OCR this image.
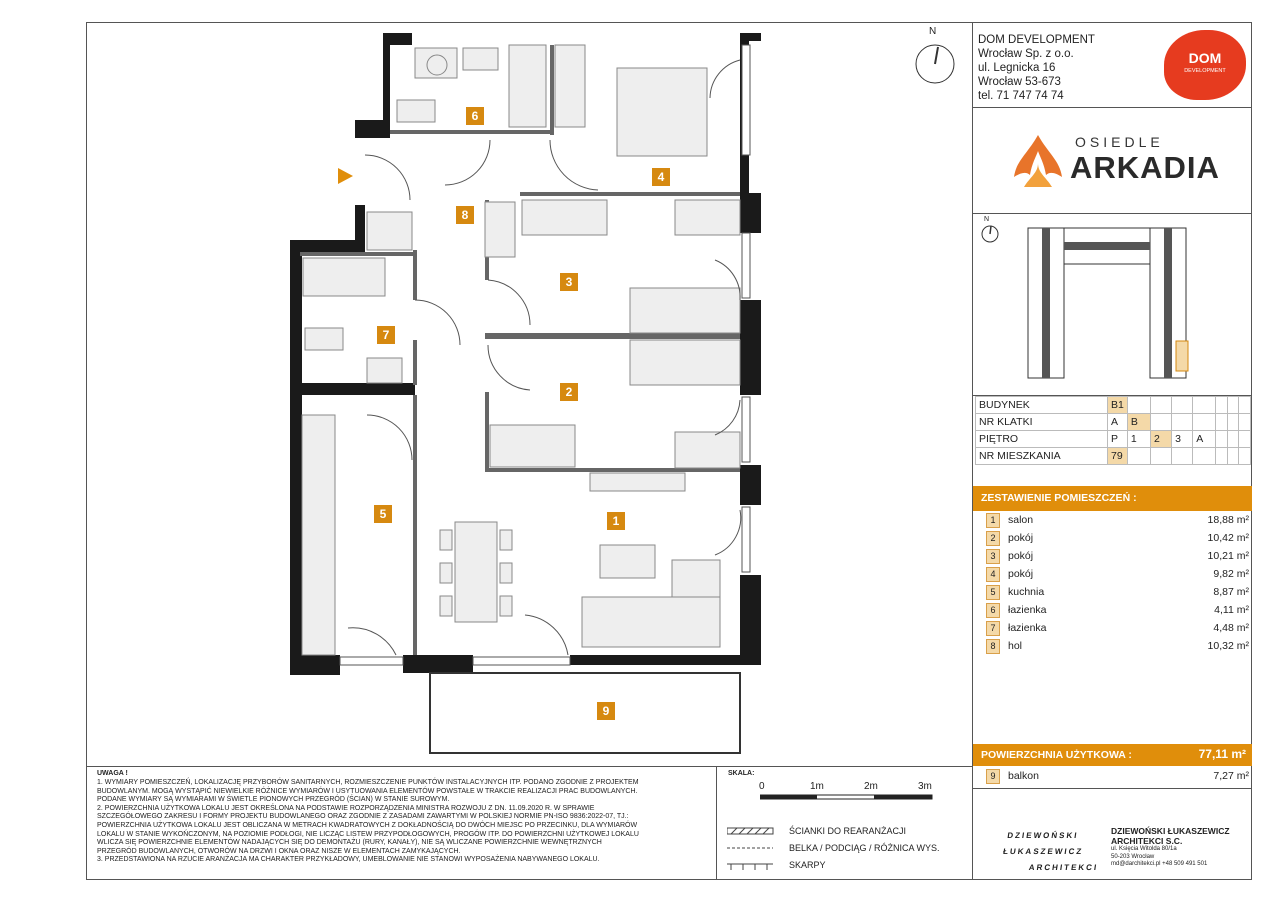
N
1
2
3
4
5
6
7
8
9
DOM DEVELOPMENT
Wrocław Sp. z o.o.
ul. Legnicka 16
Wrocław 53-673
tel. 71 747 74 74
DOM
DEVELOPMENT
OSIEDLE
ARKADIA
N
BUDYNEK	B1							
NR KLATKI	A	B						
PIĘTRO	P	1	2	3	A			
NR MIESZKANIA	79							
ZESTAWIENIE POMIESZCZEŃ :
1	salon	18,88 m²
2	pokój	10,42 m²
3	pokój	10,21 m²
4	pokój	9,82 m²
5	kuchnia	8,87 m²
6	łazienka	4,11 m²
7	łazienka	4,48 m²
8	hol	10,32 m²
POWIERZCHNIA UŻYTKOWA :	77,11 m²
9	balkon	7,27 m²
DZIEWOŃSKI
ŁUKASZEWICZ
ARCHITEKCI
DZIEWOŃSKI ŁUKASZEWICZ
ARCHITEKCI S.C.
ul. Księcia Witolda 80/1a
50-203 Wrocław
md@darchitekci.pl +48 509 491 501
UWAGA !
1. WYMIARY POMIESZCZEŃ, LOKALIZACJĘ PRZYBORÓW SANITARNYCH, ROZMIESZCZENIE PUNKTÓW INSTALACYJNYCH ITP. PODANO ZGODNIE Z PROJEKTEM
BUDOWLANYM. MOGĄ WYSTĄPIĆ NIEWIELKIE RÓŻNICE WYMIARÓW I USYTUOWANIA ELEMENTÓW POWSTAŁE W TRAKCIE REALIZACJI PRAC BUDOWLANYCH.
PODANE WYMIARY SĄ WYMIARAMI W ŚWIETLE PIONOWYCH PRZEGRÓD (ŚCIAN) W STANIE SUROWYM.
2. POWIERZCHNIA UŻYTKOWA LOKALU JEST OKREŚLONA NA PODSTAWIE ROZPORZĄDZENIA MINISTRA ROZWOJU Z DN. 11.09.2020 R. W SPRAWIE
SZCZEGÓŁOWEGO ZAKRESU I FORMY PROJEKTU BUDOWLANEGO ORAZ ZGODNIE Z ZASADAMI ZAWARTYMI W POLSKIEJ NORMIE PN-ISO 9836:2022-07, TJ.:
POWIERZCHNIA UŻYTKOWA LOKALU JEST OBLICZANA W METRACH KWADRATOWYCH Z DOKŁADNOŚCIĄ DO DWÓCH MIEJSC PO PRZECINKU, DLA WYMIARÓW
LOKALU W STANIE WYKOŃCZONYM, NA POZIOMIE PODŁOGI, NIE LICZĄC LISTEW PRZYPODŁOGOWYCH, PROGÓW ITP. DO POWIERZCHNI UŻYTKOWEJ LOKALU
WLICZA SIĘ POWIERZCHNIE ELEMENTÓW NADAJĄCYCH SIĘ DO DEMONTAŻU (RURY, KANAŁY), NIE SĄ WLICZANE POWIERZCHNIE WEWNĘTRZNYCH
PRZEGRÓD BUDOWLANYCH, OTWORÓW NA DRZWI I OKNA ORAZ NISZE W ELEMENTACH ZAMYKAJĄCYCH.
3. PRZEDSTAWIONA NA RZUCIE ARANŻACJA MA CHARAKTER PRZYKŁADOWY, UMEBLOWANIE NIE STANOWI WYPOSAŻENIA NABYWANEGO LOKALU.
SKALA:
0	1m	2m	3m
ŚCIANKI DO REARANŻACJI
BELKA / PODCIĄG / RÓŻNICA WYS.
SKARPY
